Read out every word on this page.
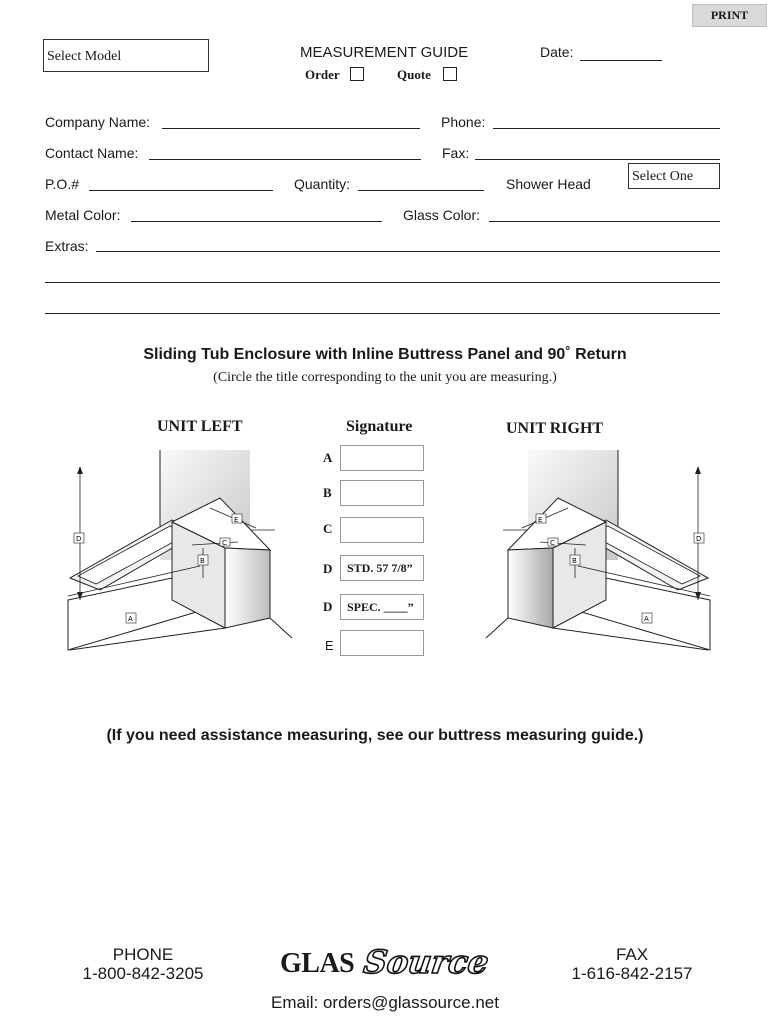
PRINT
Select Model	MEASUREMENT GUIDE	Date:
Order	Quote
Company Name:	Phone:
Contact Name:	Fax:
P.O.#	Quantity:	Shower Head	Select One
Metal Color:	Glass Color:
Extras:
Sliding Tub Enclosure with Inline Buttress Panel and 90˚ Return
(Circle the title corresponding to the unit you are measuring.)
UNIT LEFT	Signature	UNIT RIGHT
A
B
C
D	STD. 57 7/8”
D	SPEC. ____”
E
D
B
C
E
A
D
B
C
E
A
(If you need assistance measuring, see our buttress measuring guide.)
PHONE
1-800-842-3205	GLAS Source	FAX
1-616-842-2157
Email: orders@glassource.net
